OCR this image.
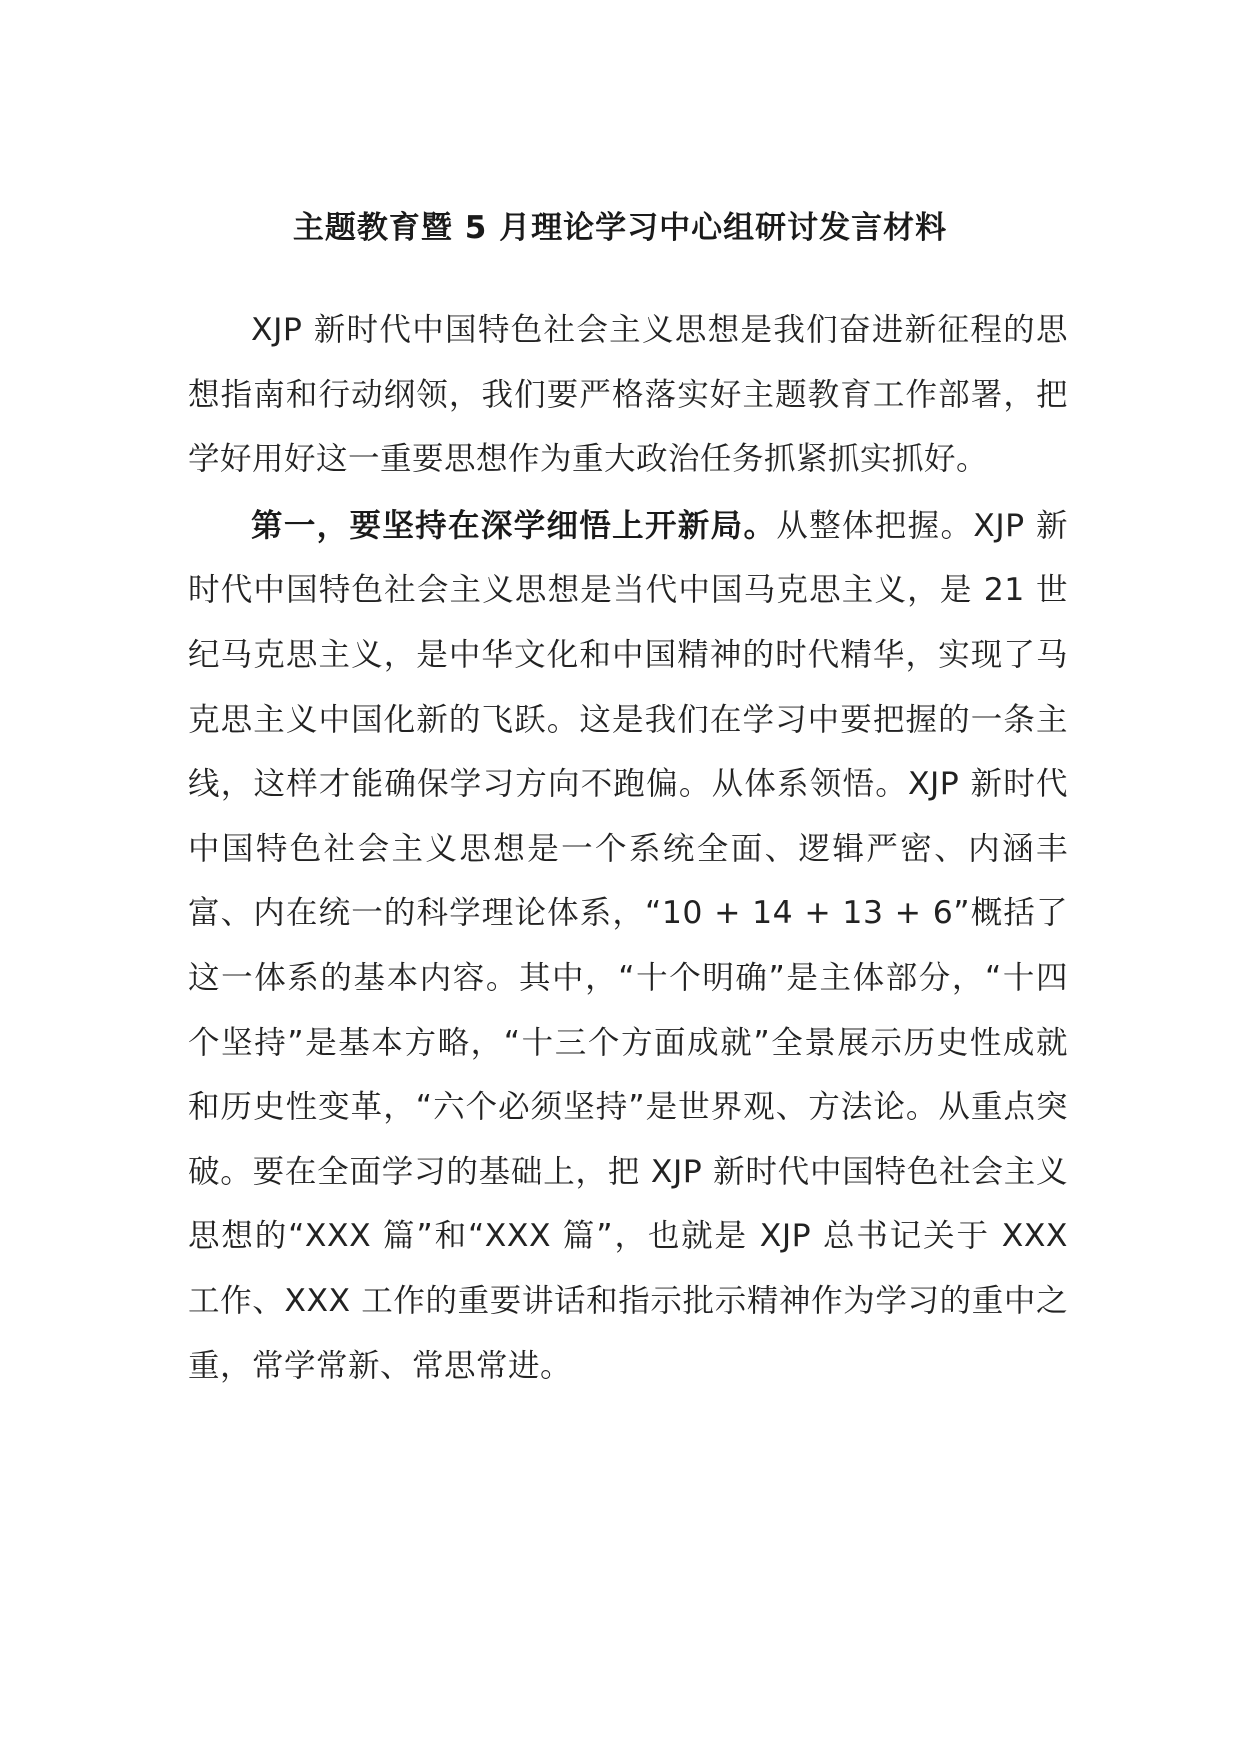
主题教育暨 5 月理论学习中心组研讨发言材料

XJP 新时代中国特色社会主义思想是我们奋进新征程的思想指南和行动纲领，我们要严格落实好主题教育工作部署，把学好用好这一重要思想作为重大政治任务抓紧抓实抓好。

第一，要坚持在深学细悟上开新局。从整体把握。XJP 新时代中国特色社会主义思想是当代中国马克思主义，是 21 世纪马克思主义，是中华文化和中国精神的时代精华，实现了马克思主义中国化新的飞跃。这是我们在学习中要把握的一条主线，这样才能确保学习方向不跑偏。从体系领悟。XJP 新时代中国特色社会主义思想是一个系统全面、逻辑严密、内涵丰富、内在统一的科学理论体系，“10 + 14 + 13 + 6”概括了这一体系的基本内容。其中，“十个明确”是主体部分，“十四个坚持”是基本方略，“十三个方面成就”全景展示历史性成就和历史性变革，“六个必须坚持”是世界观、方法论。从重点突破。要在全面学习的基础上，把 XJP 新时代中国特色社会主义思想的“XXX 篇”和“XXX 篇”，也就是 XJP 总书记关于 XXX 工作、XXX 工作的重要讲话和指示批示精神作为学习的重中之重，常学常新、常思常进。
